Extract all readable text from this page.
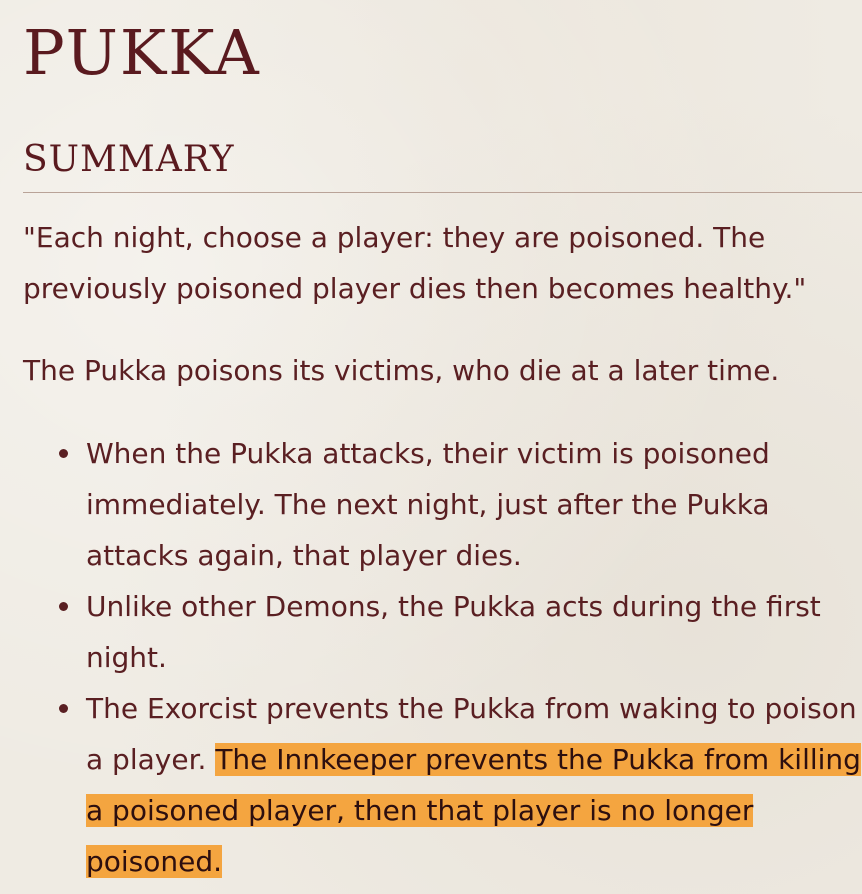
PUKKA
SUMMARY

"Each night, choose a player: they are poisoned. The previously poisoned player dies then becomes healthy."

The Pukka poisons its victims, who die at a later time.

When the Pukka attacks, their victim is poisoned immediately. The next night, just after the Pukka attacks again, that player dies.
Unlike other Demons, the Pukka acts during the first night.
The Exorcist prevents the Pukka from waking to poison a player. The Innkeeper prevents the Pukka from killing a poisoned player, then that player is no longer poisoned.
